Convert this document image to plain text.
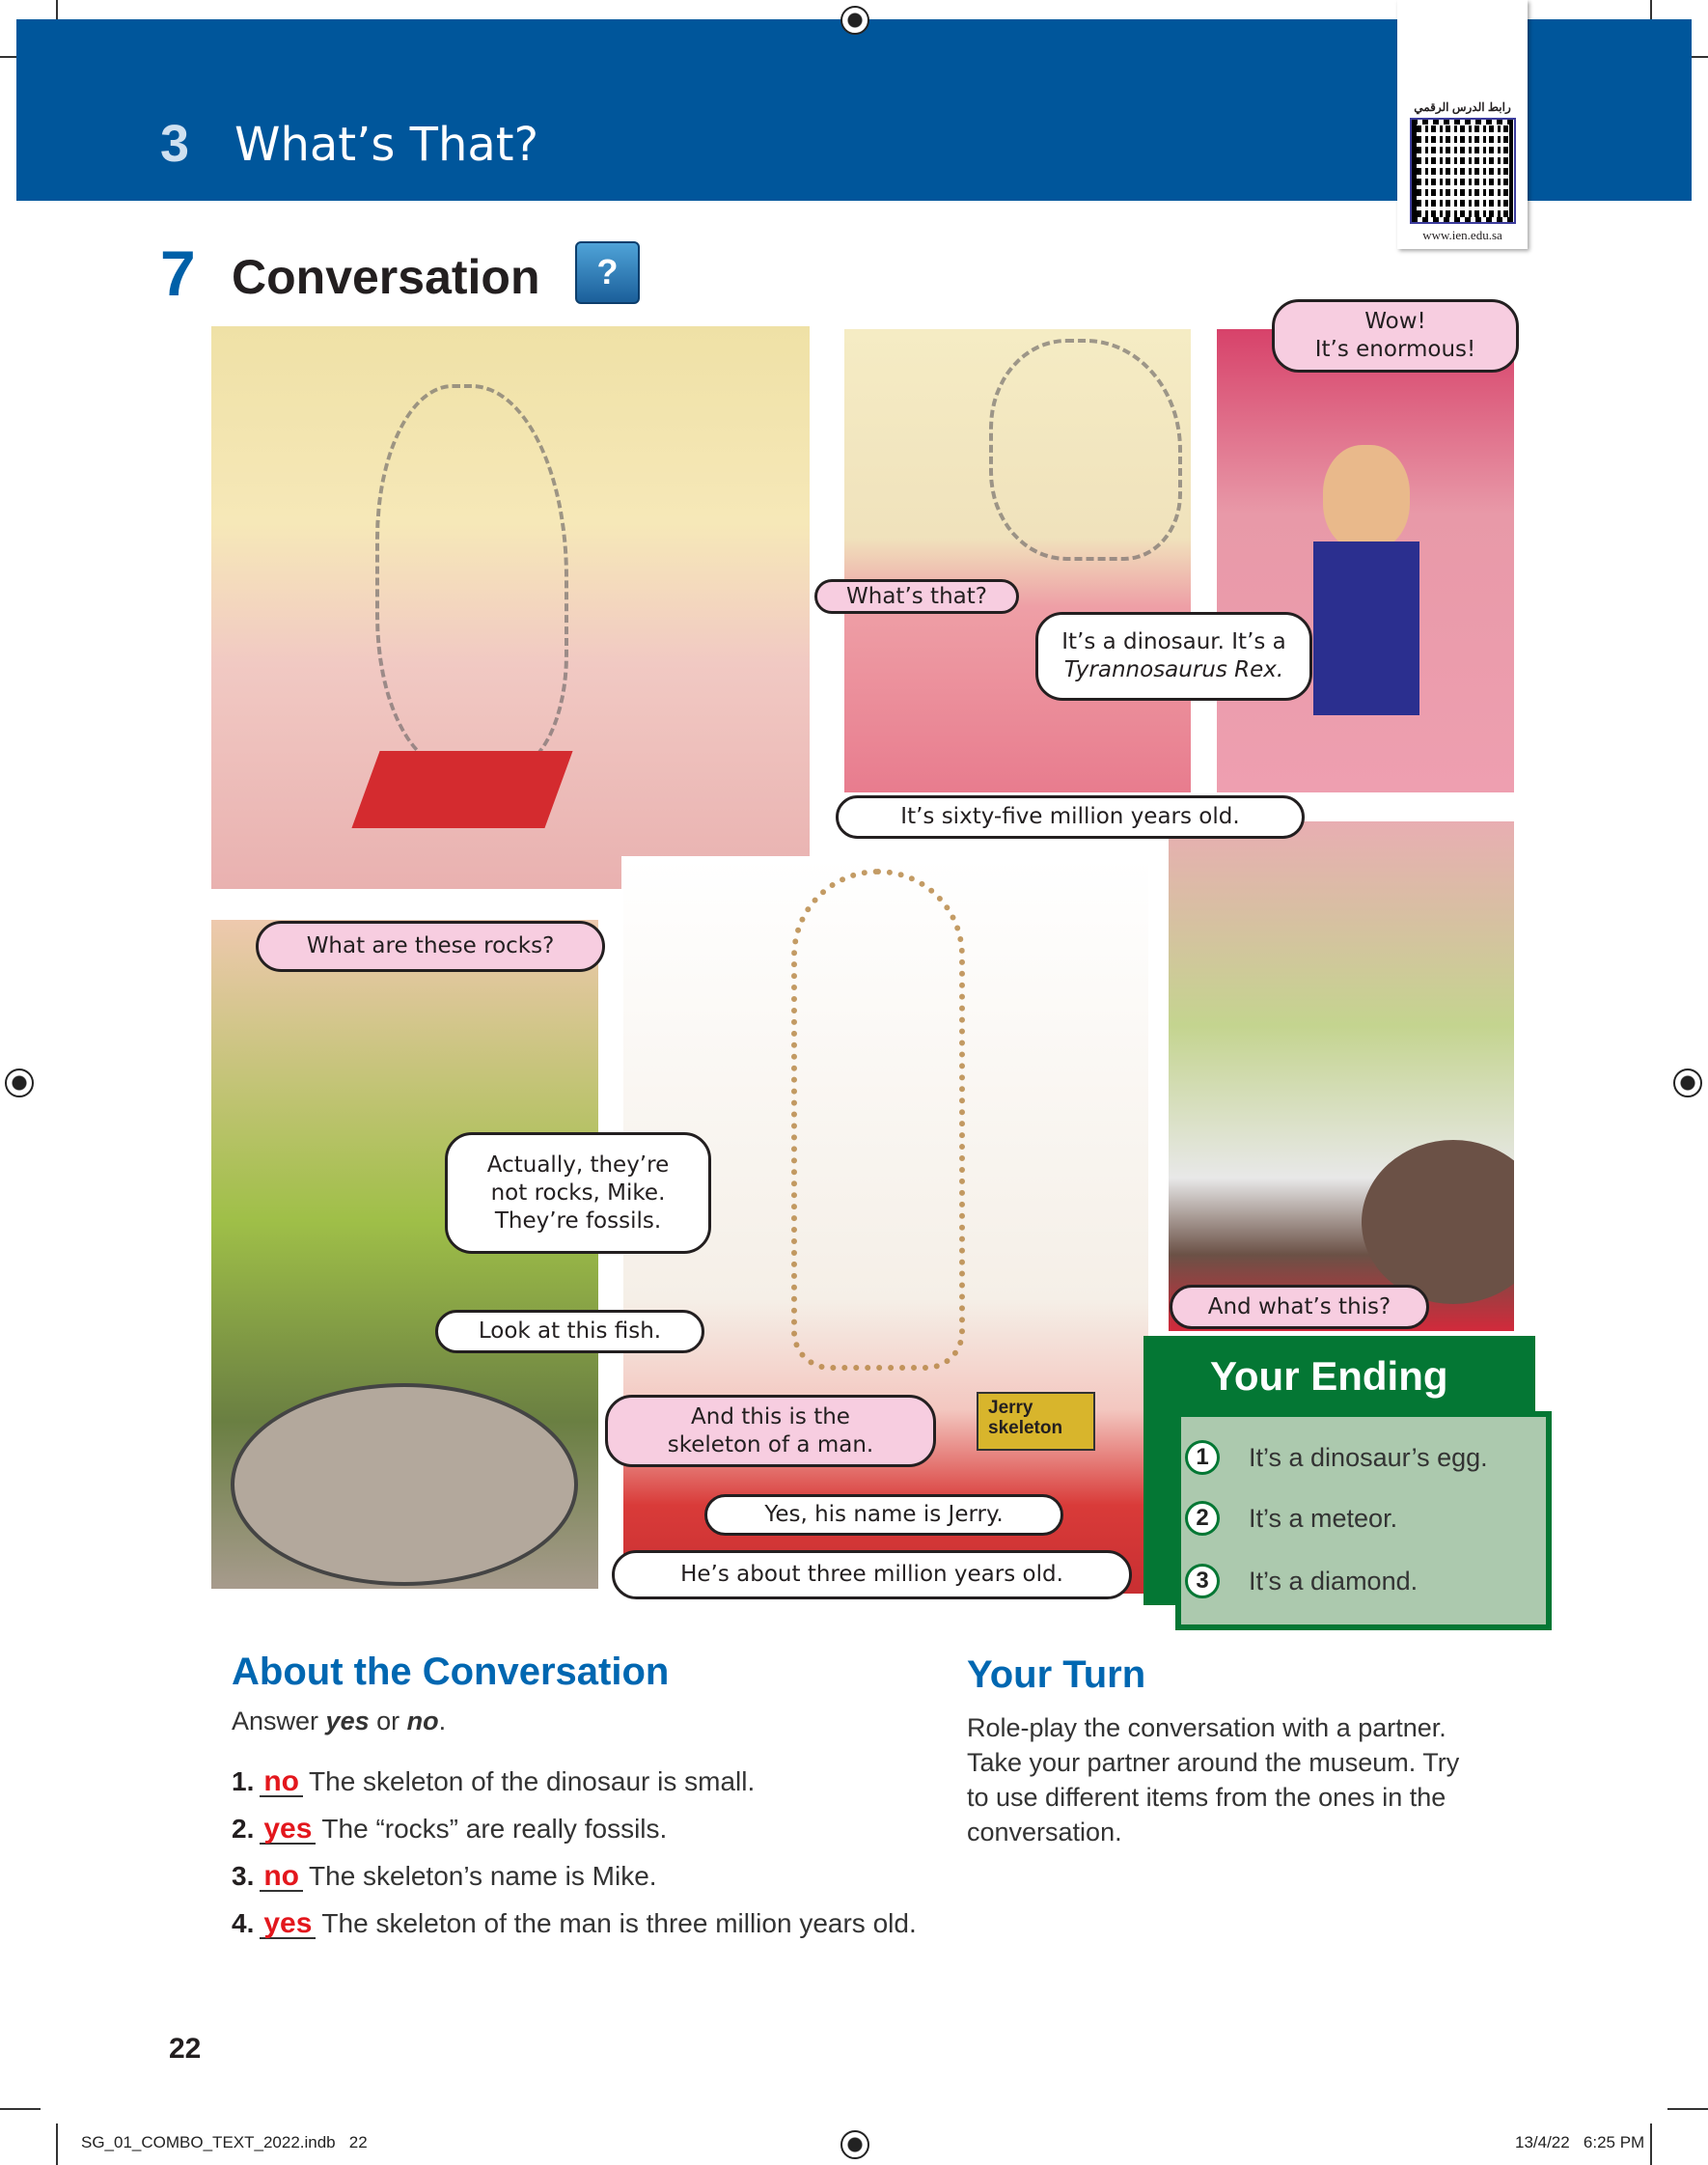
3 What’s That?
رابط الدرس الرقمي
www.ien.edu.sa
7 Conversation	?
Wow!
It’s enormous!
What’s that?
It’s a dinosaur. It’s a
Tyrannosaurus Rex.
It’s sixty-five million years old.
What are these rocks?
Actually, they’re
not rocks, Mike.
They’re fossils.
Look at this fish.
And this is the
skeleton of a man.
Jerry
skeleton
Yes, his name is Jerry.
He’s about three million years old.
And what’s this?
Your Ending
1	It’s a dinosaur’s egg.
2	It’s a meteor.
3	It’s a diamond.
About the Conversation
Answer yes or no.
1. no The skeleton of the dinosaur is small.
2. yes The “rocks” are really fossils.
3. no The skeleton’s name is Mike.
4. yes The skeleton of the man is three million years old.
Your Turn
Role-play the conversation with a partner. Take your partner around the museum. Try to use different items from the ones in the conversation.
22
SG_01_COMBO_TEXT_2022.indb   22	13/4/22   6:25 PM
